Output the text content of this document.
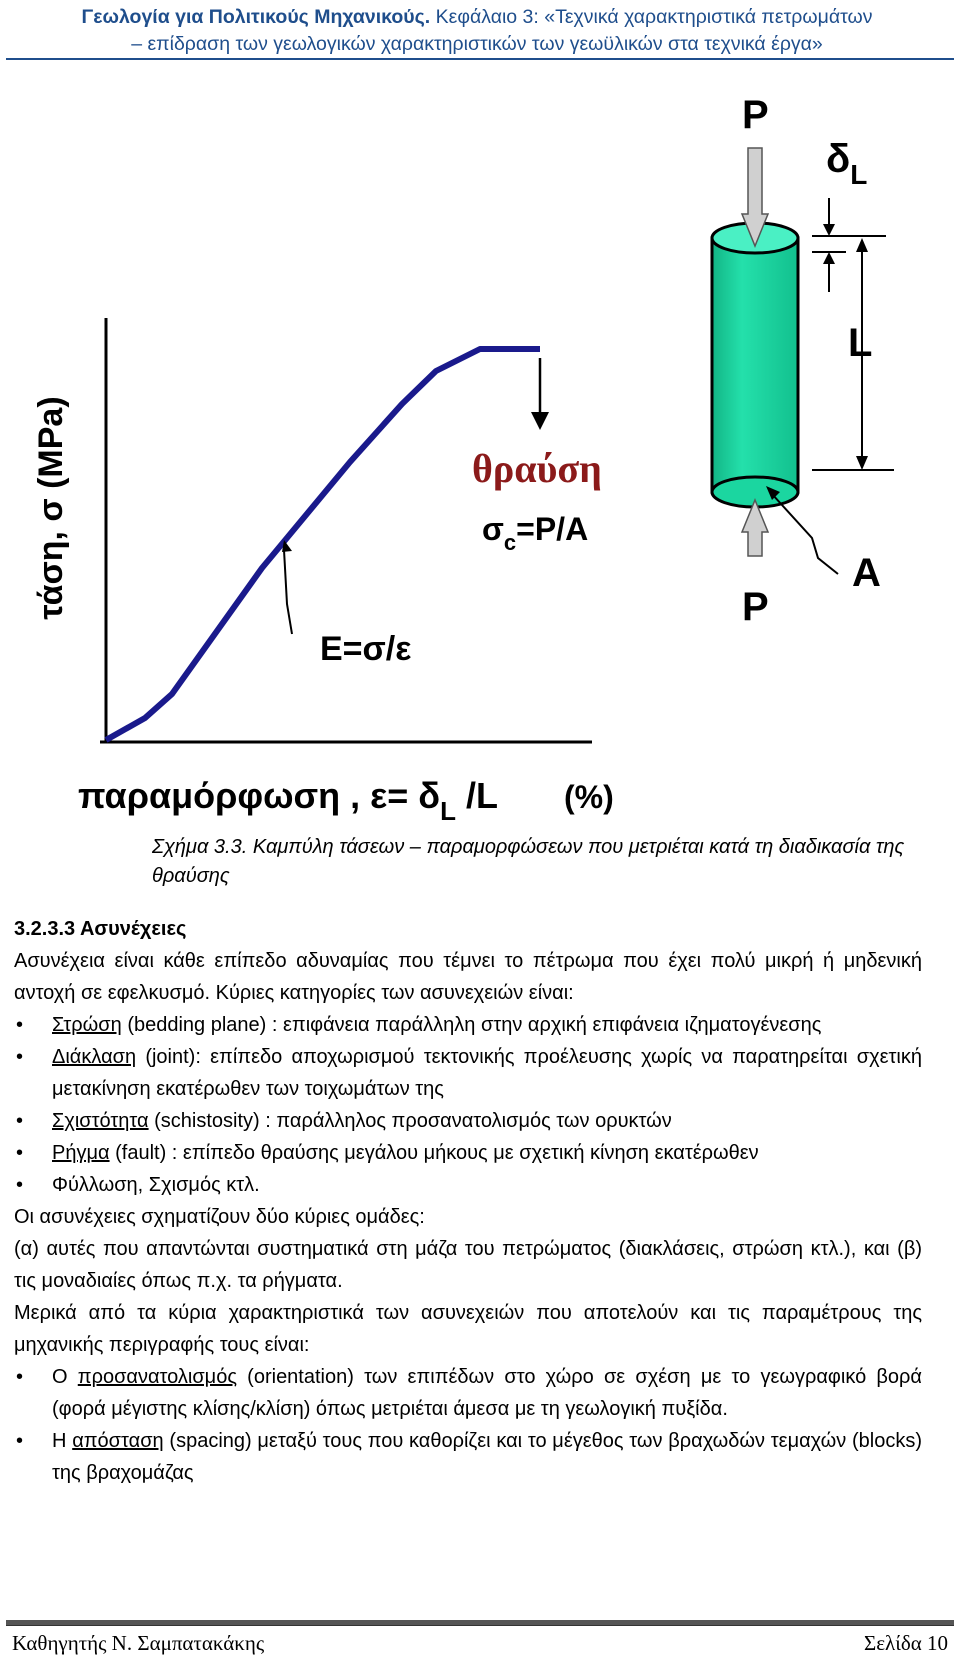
Γεωλογία για Πολιτικούς Μηχανικούς. Κεφάλαιο 3: «Τεχνικά χαρακτηριστικά πετρωμάτων
– επίδραση των γεωλογικών χαρακτηριστικών των γεωϋλικών στα τεχνικά έργα»
τάση, σ (MPa)
E=σ/ε
θραύση
$\sigma_c=P/A$
παραμόρφωση , $\varepsilon= \delta_L$ /L (%)
P
P
$\delta_L$
L
A
Σχήμα 3.3. Καμπύλη τάσεων – παραμορφώσεων που μετριέται κατά τη διαδικασία της θραύσης

3.2.3.3 Ασυνέχειες

Ασυνέχεια είναι κάθε επίπεδο αδυναμίας που τέμνει το πέτρωμα που έχει πολύ μικρή ή μηδενική αντοχή σε εφελκυσμό. Κύριες κατηγορίες των ασυνεχειών είναι:

• Στρώση (bedding plane) : επιφάνεια παράλληλη στην αρχική επιφάνεια ιζηματογένεσης
• Διάκλαση (joint): επίπεδο αποχωρισμού τεκτονικής προέλευσης χωρίς να παρατηρείται σχετική μετακίνηση εκατέρωθεν των τοιχωμάτων της
• Σχιστότητα (schistosity) : παράλληλος προσανατολισμός των ορυκτών
• Ρήγμα (fault) : επίπεδο θραύσης μεγάλου μήκους με σχετική κίνηση εκατέρωθεν
• Φύλλωση, Σχισμός κτλ.

Οι ασυνέχειες σχηματίζουν δύο κύριες ομάδες:

(α) αυτές που απαντώνται συστηματικά στη μάζα του πετρώματος (διακλάσεις, στρώση κτλ.), και (β) τις μοναδιαίες όπως π.χ. τα ρήγματα.

Μερικά από τα κύρια χαρακτηριστικά των ασυνεχειών που αποτελούν και τις παραμέτρους της μηχανικής περιγραφής τους είναι:

• Ο προσανατολισμός (orientation) των επιπέδων στο χώρο σε σχέση με το γεωγραφικό βορά (φορά μέγιστης κλίσης/κλίση) όπως μετριέται άμεσα με τη γεωλογική πυξίδα.
• Η απόσταση (spacing) μεταξύ τους που καθορίζει και το μέγεθος των βραχωδών τεμαχών (blocks) της βραχομάζας
Καθηγητής Ν. Σαμπατακάκης	Σελίδα 10
